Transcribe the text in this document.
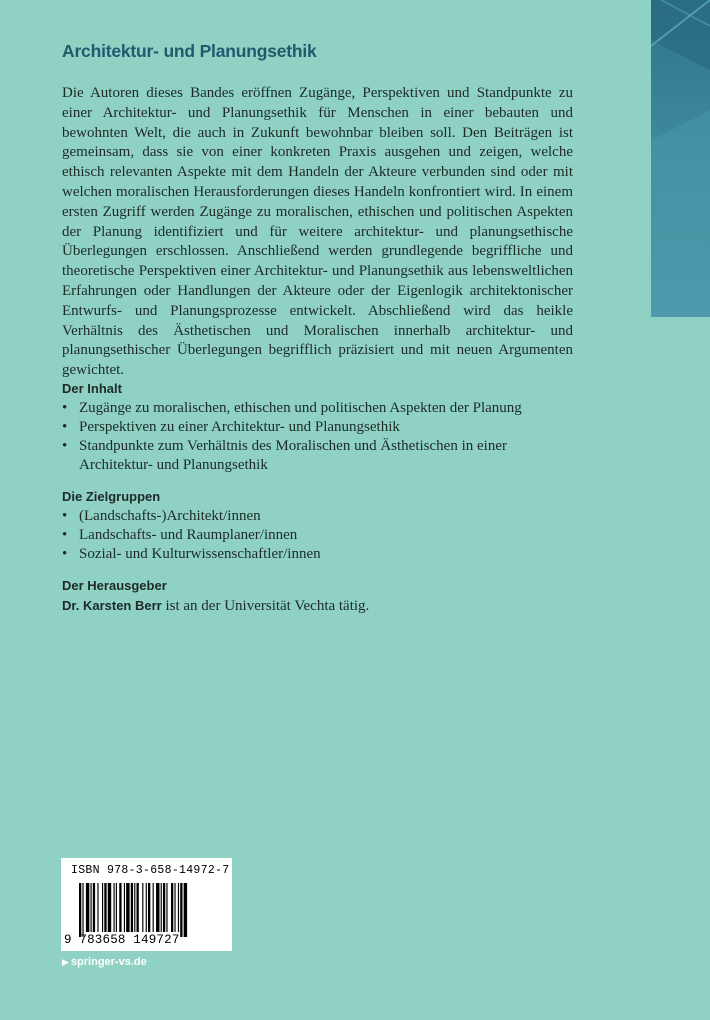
Architektur- und Planungsethik

Die Autoren dieses Bandes eröffnen Zugänge, Perspektiven und Standpunkte zu einer Architektur- und Planungsethik für Menschen in einer bebauten und bewohnten Welt, die auch in Zukunft bewohnbar bleiben soll. Den Beiträgen ist gemeinsam, dass sie von einer konkreten Praxis ausgehen und zeigen, welche ethisch relevanten Aspekte mit dem Handeln der Akteure verbunden sind oder mit welchen moralischen Herausforderungen dieses Handeln konfrontiert wird. In einem ersten Zugriff werden Zugänge zu moralischen, ethischen und politischen Aspekten der Planung identifiziert und für weitere architektur- und planungsethische Überlegungen erschlossen. Anschließend werden grundlegende begriffliche und theoretische Perspektiven einer Architektur- und Planungsethik aus lebensweltlichen Erfahrungen oder Handlungen der Akteure oder der Eigenlogik architektonischer Entwurfs- und Planungsprozesse entwickelt. Abschließend wird das heikle Verhältnis des Ästhetischen und Moralischen innerhalb architektur- und planungsethischer Überlegungen begrifflich präzisiert und mit neuen Argumenten gewichtet.

Der Inhalt
• Zugänge zu moralischen, ethischen und politischen Aspekten der Planung
• Perspektiven zu einer Architektur- und Planungsethik
• Standpunkte zum Verhältnis des Moralischen und Ästhetischen in einer Architektur- und Planungsethik
Die Zielgruppen
• (Landschafts-)Architekt/innen
• Landschafts- und Raumplaner/innen
• Sozial- und Kulturwissenschaftler/innen
Der Herausgeber

Dr. Karsten Berr ist an der Universität Vechta tätig.

ISBN 978-3-658-14972-7
9 783658 149727
▶ springer-vs.de
